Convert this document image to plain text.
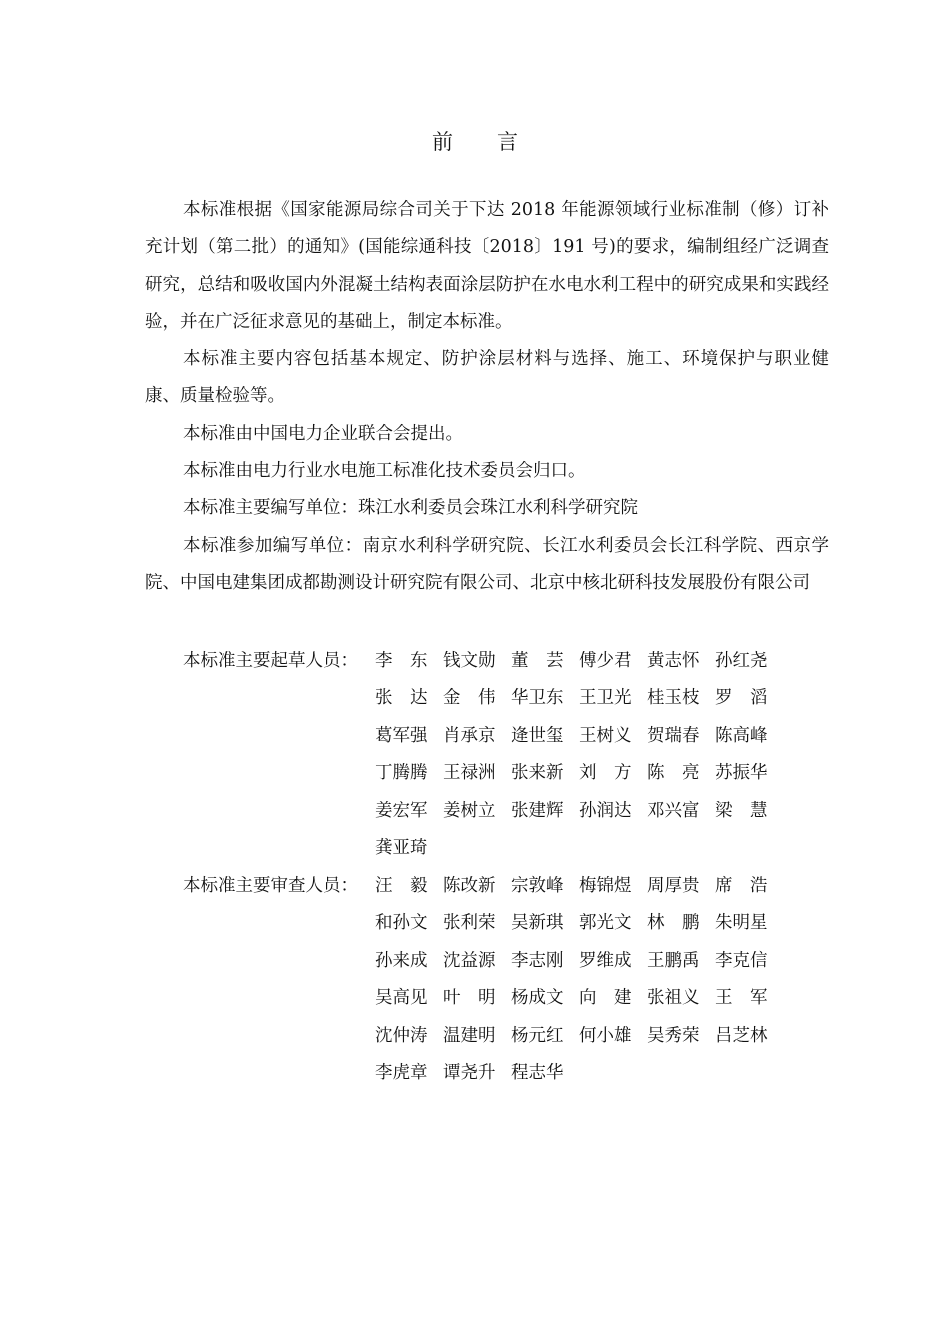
前 言

本标准根据《国家能源局综合司关于下达 2018 年能源领域行业标准制（修）订补充计划（第二批）的通知》(国能综通科技〔2018〕191 号)的要求，编制组经广泛调查研究，总结和吸收国内外混凝土结构表面涂层防护在水电水利工程中的研究成果和实践经验，并在广泛征求意见的基础上，制定本标准。

本标准主要内容包括基本规定、防护涂层材料与选择、施工、环境保护与职业健康、质量检验等。

本标准由中国电力企业联合会提出。

本标准由电力行业水电施工标准化技术委员会归口。

本标准主要编写单位：珠江水利委员会珠江水利科学研究院

本标准参加编写单位：南京水利科学研究院、长江水利委员会长江科学院、西京学院、中国电建集团成都勘测设计研究院有限公司、北京中核北研科技发展股份有限公司

本标准主要起草人员： 李　东 钱文勋 董　芸 傅少君 黄志怀 孙红尧
张　达 金　伟 华卫东 王卫光 桂玉枝 罗　滔
葛军强 肖承京 逄世玺 王树义 贺瑞春 陈高峰
丁腾腾 王禄洲 张来新 刘　方 陈　亮 苏振华
姜宏军 姜树立 张建辉 孙润达 邓兴富 梁　慧
龚亚琦
本标准主要审查人员： 汪　毅 陈改新 宗敦峰 梅锦煜 周厚贵 席　浩
和孙文 张利荣 吴新琪 郭光文 林　鹏 朱明星
孙来成 沈益源 李志刚 罗维成 王鹏禹 李克信
吴高见 叶　明 杨成文 向　建 张祖义 王　军
沈仲涛 温建明 杨元红 何小雄 吴秀荣 吕芝林
李虎章 谭尧升 程志华
